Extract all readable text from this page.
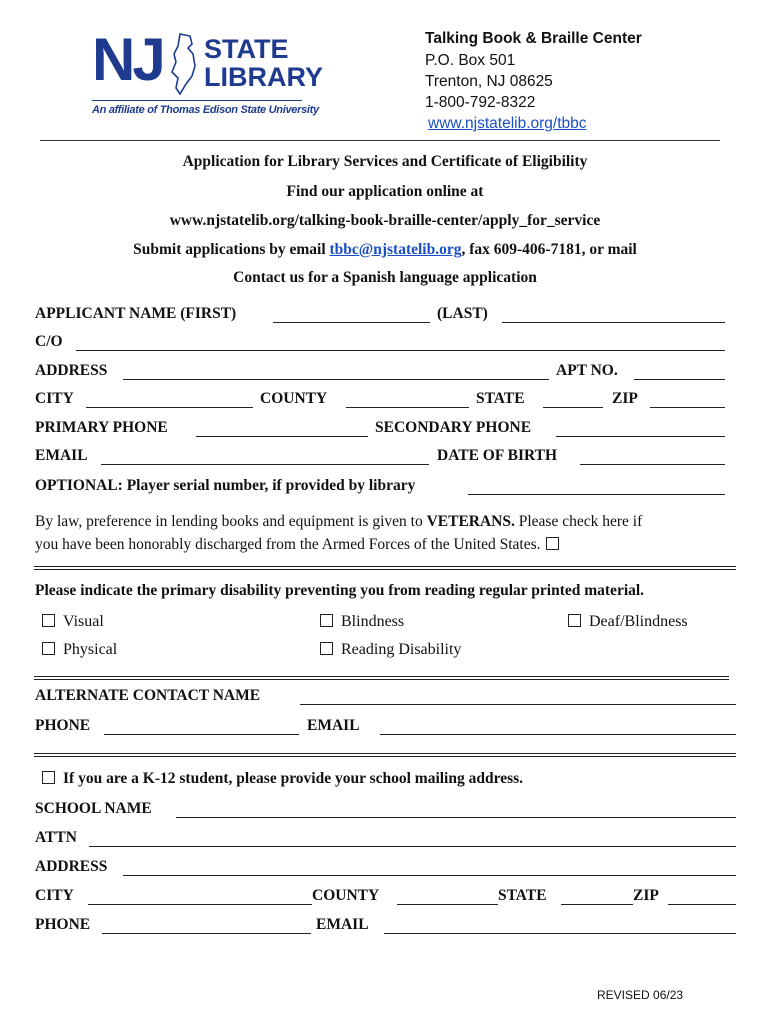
NJ STATE
LIBRARY
An affiliate of Thomas Edison State University
Talking Book & Braille Center
P.O. Box 501
Trenton, NJ 08625
1-800-792-8322
www.njstatelib.org/tbbc
Application for Library Services and Certificate of Eligibility
Find our application online at
www.njstatelib.org/talking-book-braille-center/apply_for_service
Submit applications by email tbbc@njstatelib.org, fax 609-406-7181, or mail
Contact us for a Spanish language application
APPLICANT NAME (FIRST)	(LAST)
C/O
ADDRESS	APT NO.
CITY	COUNTY	STATE	ZIP
PRIMARY PHONE	SECONDARY PHONE
EMAIL	DATE OF BIRTH
OPTIONAL: Player serial number, if provided by library
By law, preference in lending books and equipment is given to VETERANS. Please check here if
you have been honorably discharged from the Armed Forces of the United States.
Please indicate the primary disability preventing you from reading regular printed material.
Visual	Blindness	Deaf/Blindness
Physical	Reading Disability
ALTERNATE CONTACT NAME
PHONE	EMAIL
If you are a K-12 student, please provide your school mailing address.
SCHOOL NAME
ATTN
ADDRESS
CITY	COUNTY	STATE	ZIP
PHONE	EMAIL
REVISED 06/23
